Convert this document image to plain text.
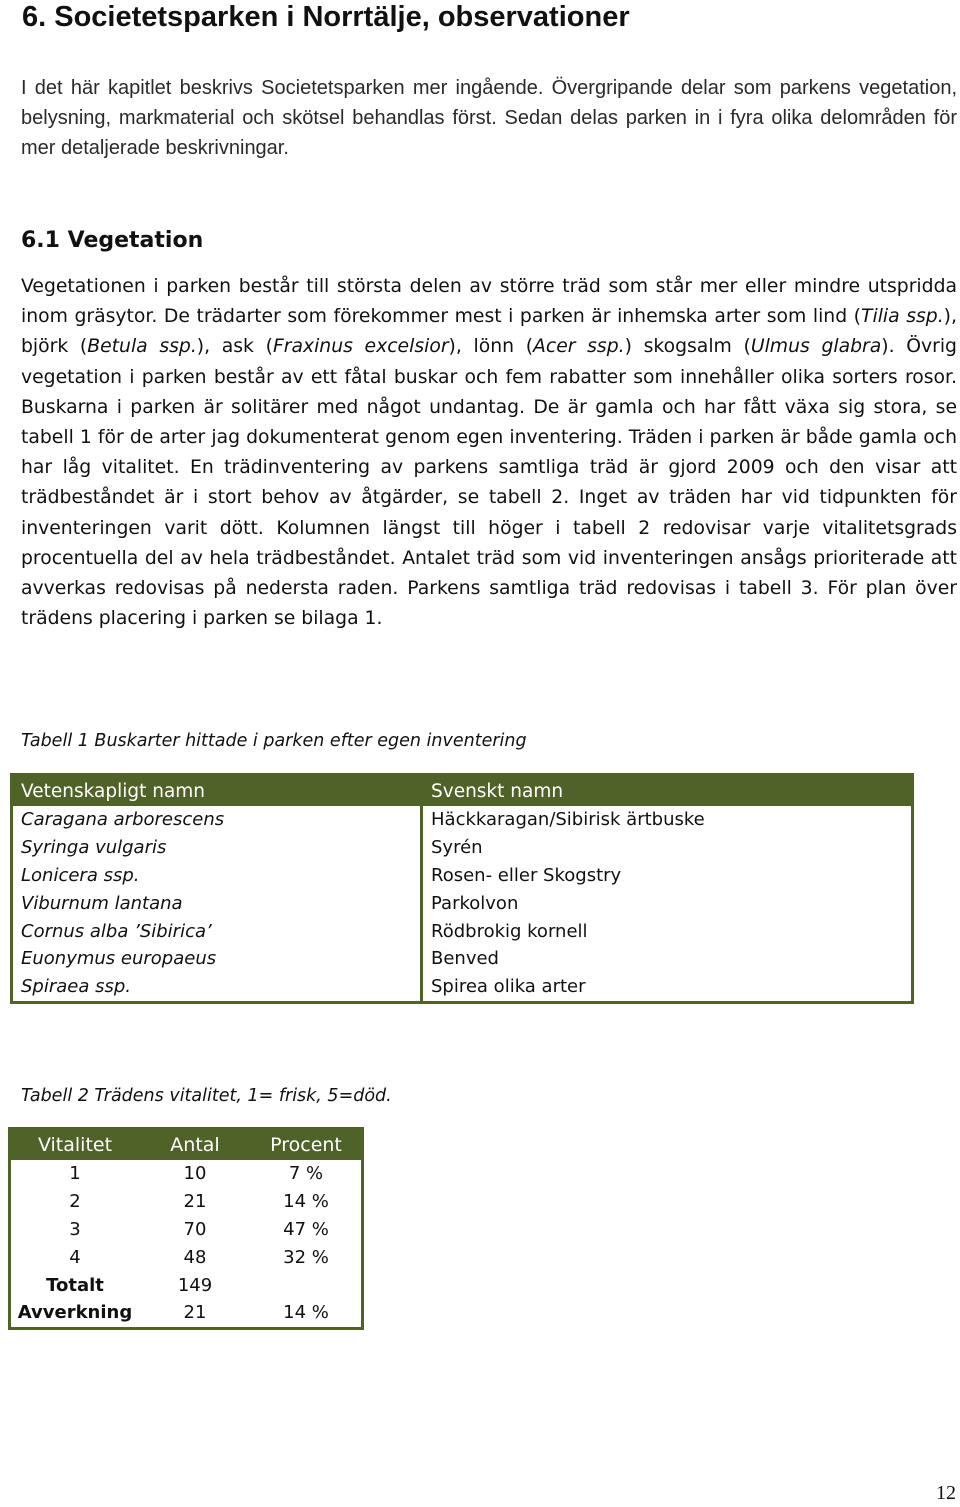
6. Societetsparken i Norrtälje, observationer
I det här kapitlet beskrivs Societetsparken mer ingående. Övergripande delar som parkens vegetation, belysning, markmaterial och skötsel behandlas först. Sedan delas parken in i fyra olika delområden för mer detaljerade beskrivningar.
6.1 Vegetation
Vegetationen i parken består till största delen av större träd som står mer eller mindre utspridda inom gräsytor. De trädarter som förekommer mest i parken är inhemska arter som lind (Tilia ssp.), björk (Betula ssp.), ask (Fraxinus excelsior), lönn (Acer ssp.) skogsalm (Ulmus glabra). Övrig vegetation i parken består av ett fåtal buskar och fem rabatter som innehåller olika sorters rosor. Buskarna i parken är solitärer med något undantag. De är gamla och har fått växa sig stora, se tabell 1 för de arter jag dokumenterat genom egen inventering. Träden i parken är både gamla och har låg vitalitet. En trädinventering av parkens samtliga träd är gjord 2009 och den visar att trädbeståndet är i stort behov av åtgärder, se tabell 2. Inget av träden har vid tidpunkten för inventeringen varit dött. Kolumnen längst till höger i tabell 2 redovisar varje vitalitetsgrads procentuella del av hela trädbeståndet. Antalet träd som vid inventeringen ansågs prioriterade att avverkas redovisas på nedersta raden. Parkens samtliga träd redovisas i tabell 3. För plan över trädens placering i parken se bilaga 1.
Tabell 1 Buskarter hittade i parken efter egen inventering
Vetenskapligt namn	Svenskt namn
Caragana arborescens	Häckkaragan/Sibirisk ärtbuske
Syringa vulgaris	Syrén
Lonicera ssp.	Rosen- eller Skogstry
Viburnum lantana	Parkolvon
Cornus alba ’Sibirica’	Rödbrokig kornell
Euonymus europaeus	Benved
Spiraea ssp.	Spirea olika arter
Tabell 2 Trädens vitalitet, 1= frisk, 5=död.
Vitalitet	Antal	Procent
1	10	7 %
2	21	14 %
3	70	47 %
4	48	32 %
Totalt	149	
Avverkning	21	14 %
12
